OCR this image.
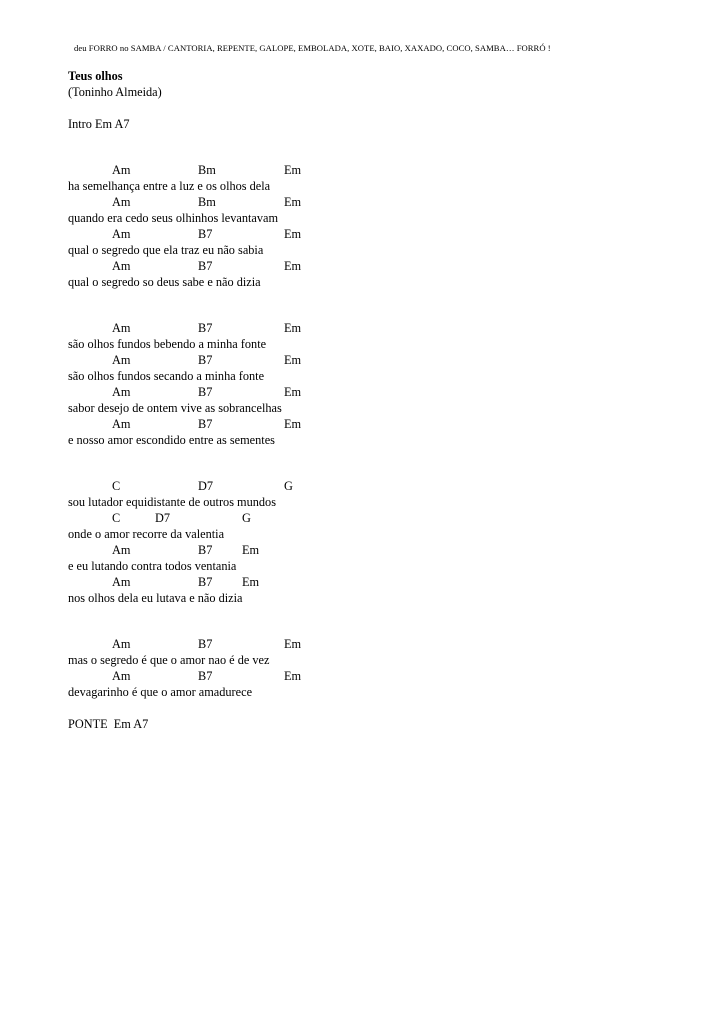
deu FORRO no SAMBA / CANTORIA, REPENTE, GALOPE, EMBOLADA, XOTE, BAIO, XAXADO, COCO, SAMBA… FORRÓ !
Teus olhos
(Toninho Almeida)
Intro Em A7
Am	Bm	Em
ha semelhança entre a luz e os olhos dela
Am	Bm	Em
quando era cedo seus olhinhos levantavam
Am	B7	Em
qual o segredo que ela traz eu não sabia
Am	B7	Em
qual o segredo so deus sabe e não dizia
Am	B7	Em
são olhos fundos bebendo a minha fonte
Am	B7	Em
são olhos fundos secando a minha fonte
Am	B7	Em
sabor desejo de ontem vive as sobrancelhas
Am	B7	Em
e nosso amor escondido entre as sementes
C	D7	G
sou lutador equidistante de outros mundos
C	D7	G
onde o amor recorre da valentia
Am	B7 Em
e eu lutando contra todos ventania
Am	B7 Em
nos olhos dela eu lutava e não dizia
Am	B7	Em
mas o segredo é que o amor nao é de vez
Am	B7	Em
devagarinho é que o amor amadurece
PONTE  Em A7
